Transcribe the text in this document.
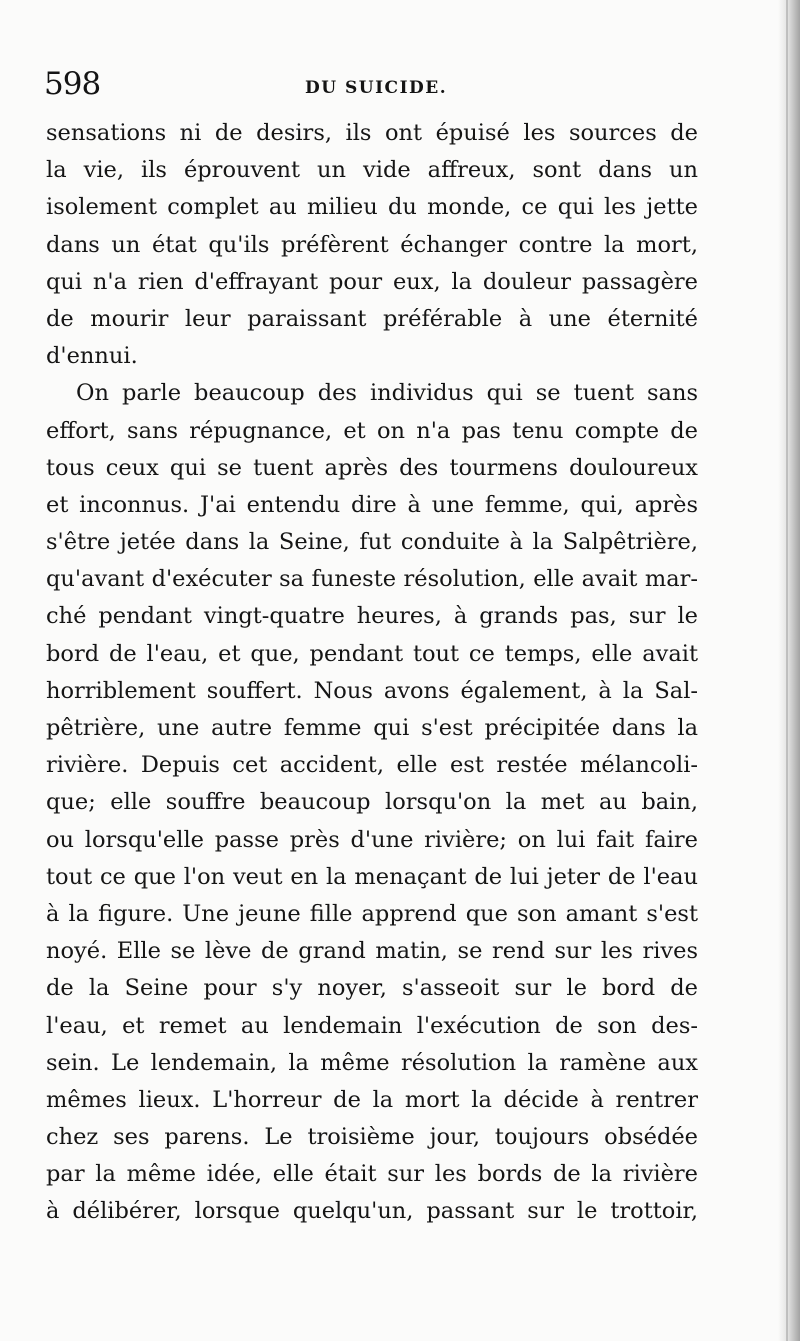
598	DU SUICIDE.
sensations ni de desirs, ils ont épuisé les sources de
la vie, ils éprouvent un vide affreux, sont dans un
isolement complet au milieu du monde, ce qui les jette
dans un état qu'ils préfèrent échanger contre la mort,
qui n'a rien d'effrayant pour eux, la douleur passagère
de mourir leur paraissant préférable à une éternité
d'ennui.
On parle beaucoup des individus qui se tuent sans
effort, sans répugnance, et on n'a pas tenu compte de
tous ceux qui se tuent après des tourmens douloureux
et inconnus. J'ai entendu dire à une femme, qui, après
s'être jetée dans la Seine, fut conduite à la Salpêtrière,
qu'avant d'exécuter sa funeste résolution, elle avait mar-
ché pendant vingt-quatre heures, à grands pas, sur le
bord de l'eau, et que, pendant tout ce temps, elle avait
horriblement souffert. Nous avons également, à la Sal-
pêtrière, une autre femme qui s'est précipitée dans la
rivière. Depuis cet accident, elle est restée mélancoli-
que; elle souffre beaucoup lorsqu'on la met au bain,
ou lorsqu'elle passe près d'une rivière; on lui fait faire
tout ce que l'on veut en la menaçant de lui jeter de l'eau
à la figure. Une jeune fille apprend que son amant s'est
noyé. Elle se lève de grand matin, se rend sur les rives
de la Seine pour s'y noyer, s'asseoit sur le bord de
l'eau, et remet au lendemain l'exécution de son des-
sein. Le lendemain, la même résolution la ramène aux
mêmes lieux. L'horreur de la mort la décide à rentrer
chez ses parens. Le troisième jour, toujours obsédée
par la même idée, elle était sur les bords de la rivière
à délibérer, lorsque quelqu'un, passant sur le trottoir,
